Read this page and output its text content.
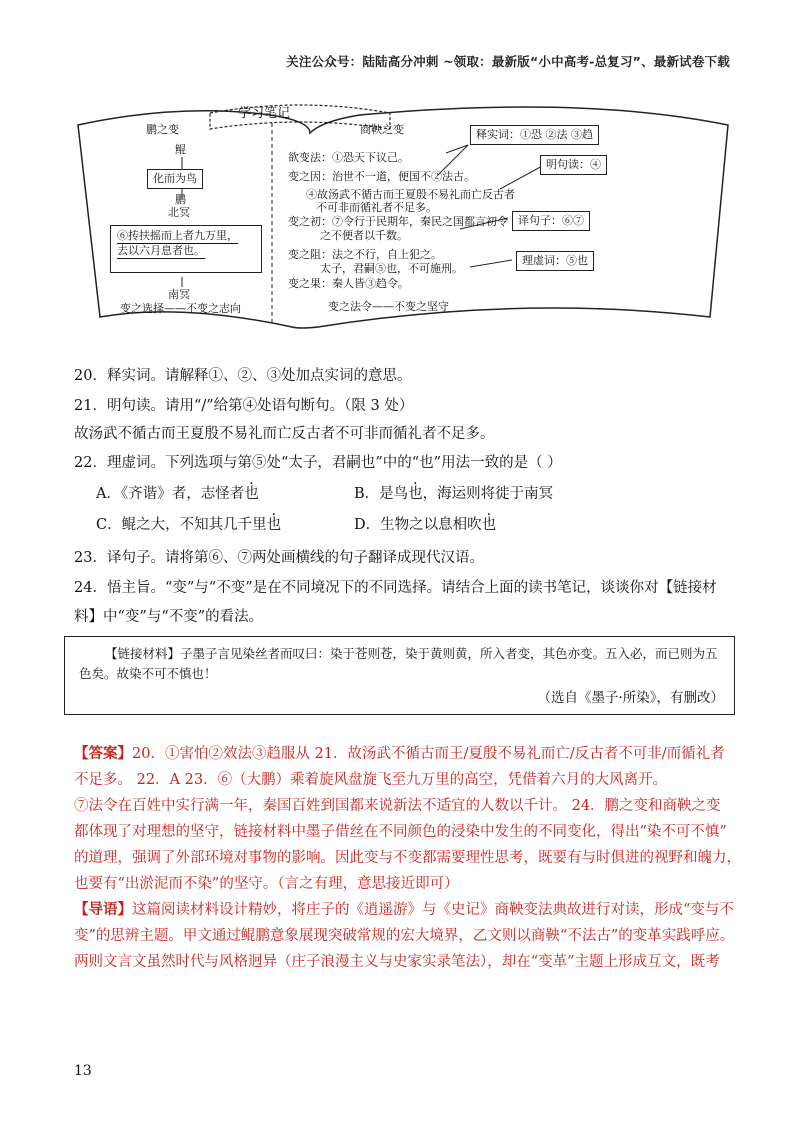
关注公众号：陆陆高分冲刺 ~领取：最新版“小中高考-总复习”、最新试卷下载
学习笔记
鹏之变
鲲
化而为鸟
鹏
北冥
⑥抟扶摇而上者九万里，
去以六月息者也。
南冥
变之选择——不变之志向
商鞅之变
欲变法：①恐天下议己。
变之因：治世不一道，便国不②法古。
④故汤武不循古而王夏殷不易礼而亡反古者
不可非而循礼者不足多。
变之初：⑦令行于民期年，秦民之国都言初令
之不便者以千数。
变之阻：法之不行，自上犯之。
太子，君嗣⑤也，不可施刑。
变之果：秦人皆③趋令。
变之法令——不变之坚守
释实词：①恐 ②法 ③趋
明句读：④
译句子：⑥⑦
理虚词：⑤也
20．释实词。请解释①、②、③处加点实词的意思。
21．明句读。请用“/”给第④处语句断句。（限 3 处）
故汤武不循古而王夏殷不易礼而亡反古者不可非而循礼者不足多。
22．理虚词。下列选项与第⑤处“太子，君嗣也”中的“也”用法一致的是（ ）
A．《齐谐》者，志怪者也	B．是鸟也，海运则将徙于南冥
C．鲲之大，不知其几千里也	D．生物之以息相吹也
23．译句子。请将第⑥、⑦两处画横线的句子翻译成现代汉语。
24．悟主旨。“变”与“不变”是在不同境况下的不同选择。请结合上面的读书笔记，谈谈你对【链接材
料】中“变”与“不变”的看法。
【链接材料】子墨子言见染丝者而叹曰：染于苍则苍，染于黄则黄，所入者变，其色亦变。五入必，而已则为五色矣。故染不可不慎也！
（选自《墨子·所染》，有删改）
【答案】20．①害怕②效法③趋服从 21．故汤武不循古而王/夏殷不易礼而亡/反古者不可非/而循礼者
不足多。 22．A 23．⑥（大鹏）乘着旋风盘旋飞至九万里的高空，凭借着六月的大风离开。
⑦法令在百姓中实行满一年，秦国百姓到国都来说新法不适宜的人数以千计。 24．鹏之变和商鞅之变
都体现了对理想的坚守，链接材料中墨子借丝在不同颜色的浸染中发生的不同变化，得出“染不可不慎”
的道理，强调了外部环境对事物的影响。因此变与不变都需要理性思考，既要有与时俱进的视野和魄力，
也要有“出淤泥而不染”的坚守。（言之有理，意思接近即可）
【导语】这篇阅读材料设计精妙，将庄子的《逍遥游》与《史记》商鞅变法典故进行对读，形成“变与不
变”的思辨主题。甲文通过鲲鹏意象展现突破常规的宏大境界，乙文则以商鞅“不法古”的变革实践呼应。
两则文言文虽然时代与风格迥异（庄子浪漫主义与史家实录笔法），却在“变革”主题上形成互文，既考
13
